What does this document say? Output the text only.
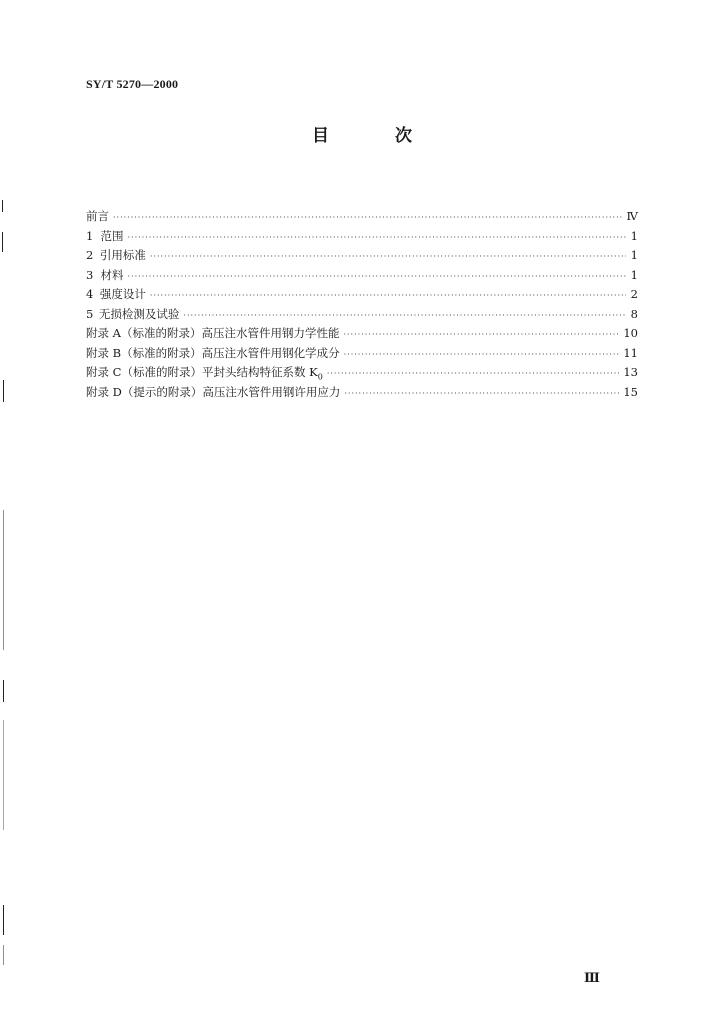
SY/T 5270—2000
目 次
前言 ·····	Ⅳ
1 范围 ·····	1
2 引用标准 ·····	1
3 材料 ·····	1
4 强度设计 ·····	2
5 无损检测及试验 ·····	8
附录 A（标准的附录） 高压注水管件用钢力学性能 ·····	10
附录 B（标准的附录） 高压注水管件用钢化学成分 ·····	11
附录 C（标准的附录） 平封头结构特征系数 $K_0$ ·····	13
附录 D（提示的附录） 高压注水管件用钢许用应力 ·····	15
Ⅲ
